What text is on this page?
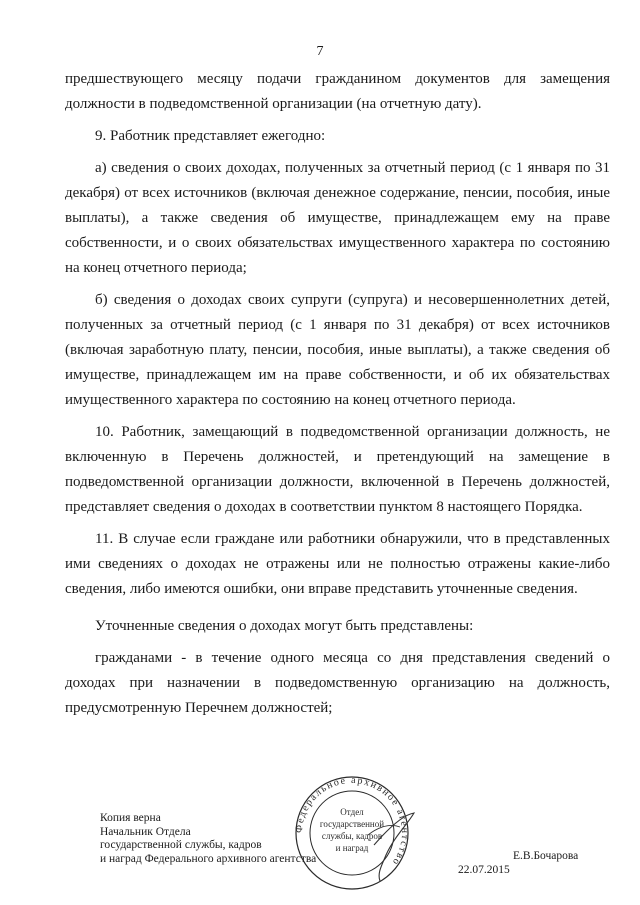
7

предшествующего месяцу подачи гражданином документов для замещения должности в подведомственной организации (на отчетную дату).

9. Работник представляет ежегодно:

а) сведения о своих доходах, полученных за отчетный период (с 1 января по 31 декабря) от всех источников (включая денежное содержание, пенсии, пособия, иные выплаты), а также сведения об имуществе, принадлежащем ему на праве собственности, и о своих обязательствах имущественного характера по состоянию на конец отчетного периода;

б) сведения о доходах своих супруги (супруга) и несовершеннолетних детей, полученных за отчетный период (с 1 января по 31 декабря) от всех источников (включая заработную плату, пенсии, пособия, иные выплаты), а также сведения об имуществе, принадлежащем им на праве собственности, и об их обязательствах имущественного характера по состоянию на конец отчетного периода.

10. Работник, замещающий в подведомственной организации должность, не включенную в Перечень должностей, и претендующий на замещение в подведомственной организации должности, включенной в Перечень должностей, представляет сведения о доходах в соответствии пунктом 8 настоящего Порядка.

11. В случае если граждане или работники обнаружили, что в представленных ими сведениях о доходах не отражены или не полностью отражены какие-либо сведения, либо имеются ошибки, они вправе представить уточненные сведения.

Уточненные сведения о доходах могут быть представлены:

гражданами - в течение одного месяца со дня представления сведений о доходах при назначении в подведомственную организацию на должность, предусмотренную Перечнем должностей;

Копия верна
Начальник Отдела
государственной службы, кадров
и наград Федерального архивного агентства
Федеральное архивное агентство
Отдел
государственной
службы, кадров
и наград
Е.В.Бочарова
22.07.2015
